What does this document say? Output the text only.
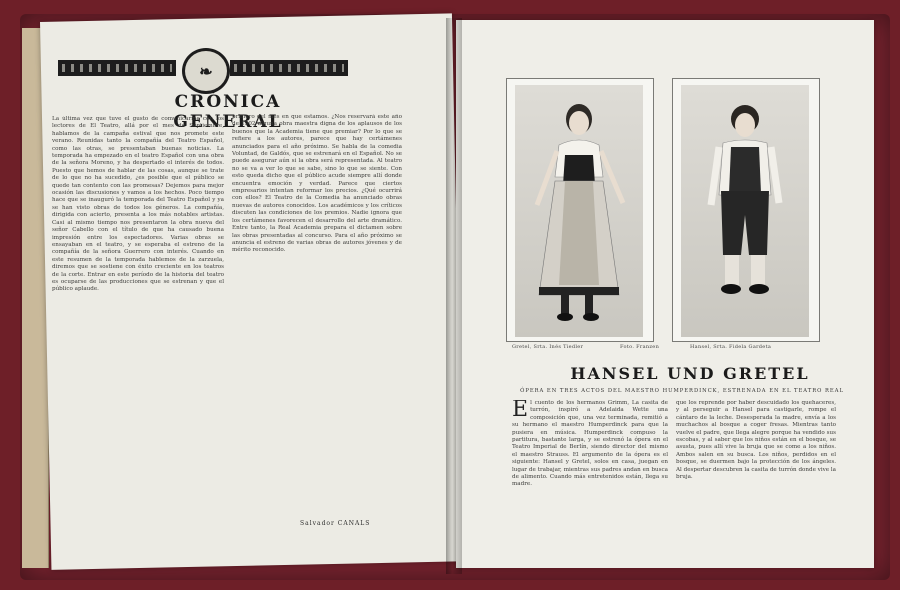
❧
CRÓNICA GENERAL
La última vez que tuve el gusto de comunicarme con los lectores de El Teatro, allá por el mes de Septiembre, hablamos de la campaña estival que nos promete este verano. Reunidas tanto la compañía del Teatro Español, como las otras, se presentaban buenas noticias. La temporada ha empezado en el teatro Español con una obra de la señora Moreno, y ha despertado el interés de todos. Puesto que hemos de hablar de las cosas, aunque se trate de lo que no ha sucedido, ¿es posible que el público se quede tan contento con las promesas? Dejemos para mejor ocasión las discusiones y vamos a los hechos. Poco tiempo hace que se inauguró la temporada del Teatro Español y ya se han visto obras de todos los géneros. La compañía, dirigida con acierto, presenta a los más notables artistas. Casi al mismo tiempo nos presentaron la obra nueva del señor Cabello con el título de que ha causado buena impresión entre los espectadores. Varias obras se ensayaban en el teatro, y se esperaba el estreno de la compañía de la señora Guerrero con interés. Cuando en este resumen de la temporada hablemos de la zarzuela, diremos que se sostiene con éxito creciente en los teatros de la corte. Entrar en este período de la historia del teatro es ocuparse de las producciones que se estrenan y que el público aplaude.
primero del mes en que estamos. ¿Nos reservará este año de 1902 alguna obra maestra digna de los aplausos de los buenos que la Academia tiene que premiar? Por lo que se refiere a los autores, parece que hay certámenes anunciados para el año próximo. Se habla de la comedia Voluntad, de Galdós, que se estrenará en el Español. No se puede asegurar aún si la obra será representada. Al teatro no se va a ver lo que se sabe, sino lo que se siente. Con esto queda dicho que el público acude siempre allí donde encuentra emoción y verdad. Parece que ciertos empresarios intentan reformar los precios. ¿Qué ocurrirá con ellos? El Teatro de la Comedia ha anunciado obras nuevas de autores conocidos. Los académicos y los críticos discuten las condiciones de los premios. Nadie ignora que los certámenes favorecen el desarrollo del arte dramático. Entre tanto, la Real Academia prepara el dictamen sobre las obras presentadas al concurso. Para el año próximo se anuncia el estreno de varias obras de autores jóvenes y de mérito reconocido.
Salvador CANALS
Gretel, Srta. Inés Tiedler	Foto. Franzen	Hansel, Srta. Fidela Gardeta
HANSEL UND GRETEL
ÓPERA EN TRES ACTOS DEL MAESTRO HUMPERDINCK, ESTRENADA EN EL TEATRO REAL
E l cuento de los hermanos Grimm, La casita de turrón, inspiró a Adelaida Wette una composición que, una vez terminada, remitió a su hermano el maestro Humperdinck para que la pusiera en música. Humperdinck compuso la partitura, bastante larga, y se estrenó la ópera en el Teatro Imperial de Berlín, siendo director del mismo el maestro Strauss. El argumento de la ópera es el siguiente: Hansel y Gretel, solos en casa, juegan en lugar de trabajar, mientras sus padres andan en busca de alimento. Cuando más entretenidos están, llega su madre.
que los reprende por haber descuidado los quehaceres, y al perseguir a Hansel para castigarle, rompe el cántaro de la leche. Desesperada la madre, envía a los muchachos al bosque a coger fresas. Mientras tanto vuelve el padre, que llega alegre porque ha vendido sus escobas, y al saber que los niños están en el bosque, se asusta, pues allí vive la bruja que se come a los niños. Ambos salen en su busca. Los niños, perdidos en el bosque, se duermen bajo la protección de los ángeles. Al despertar descubren la casita de turrón donde vive la bruja.
